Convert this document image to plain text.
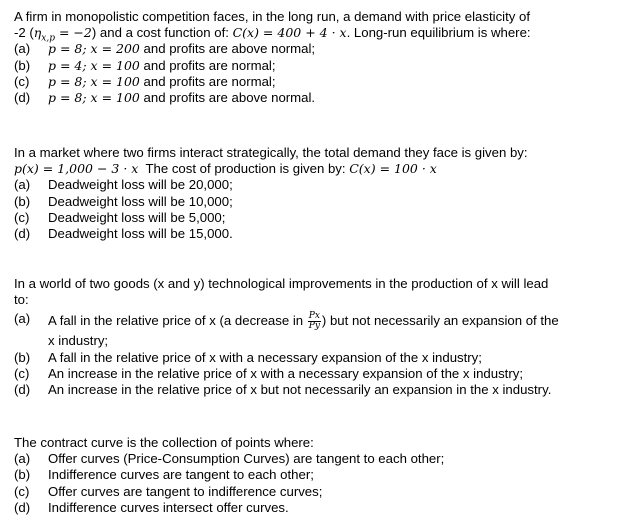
A firm in monopolistic competition faces, in the long run, a demand with price elasticity of
-2 $(\eta_{x,p} = -2)$ and a cost function of: C(x) = 400 + 4 · x. Long-run equilibrium is where:
(a)	p = 8; x = 200 and profits are above normal;
(b)	p = 4; x = 100 and profits are normal;
(c)	p = 8; x = 100 and profits are normal;
(d)	p = 8; x = 100 and profits are above normal.
In a market where two firms interact strategically, the total demand they face is given by:
p(x) = 1,000 − 3 · x  The cost of production is given by: C(x) = 100 · x
(a)	Deadweight loss will be 20,000;
(b)	Deadweight loss will be 10,000;
(c)	Deadweight loss will be 5,000;
(d)	Deadweight loss will be 15,000.
In a world of two goods (x and y) technological improvements in the production of x will lead
to:
(a)	A fall in the relative price of x (a decrease in $\frac{Px}{Py}$ ) but not necessarily an expansion of the
x industry;
(b)	A fall in the relative price of x with a necessary expansion of the x industry;
(c)	An increase in the relative price of x with a necessary expansion of the x industry;
(d)	An increase in the relative price of x but not necessarily an expansion in the x industry.
The contract curve is the collection of points where:
(a)	Offer curves (Price-Consumption Curves) are tangent to each other;
(b)	Indifference curves are tangent to each other;
(c)	Offer curves are tangent to indifference curves;
(d)	Indifference curves intersect offer curves.
